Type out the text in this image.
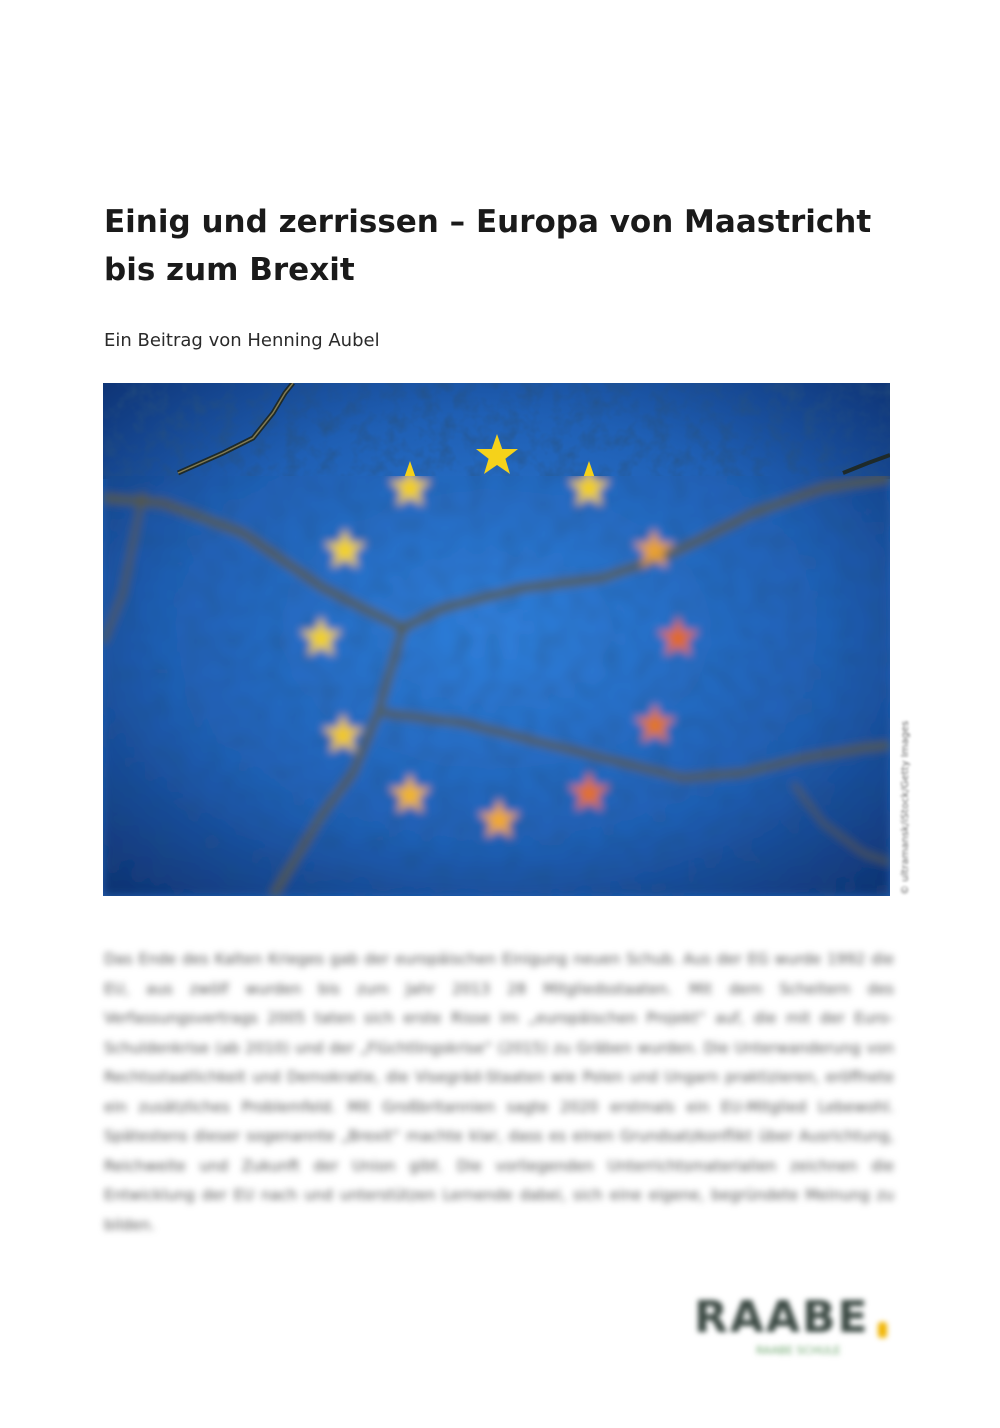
Einig und zerrissen – Europa von Maastricht bis zum Brexit
Ein Beitrag von Henning Aubel
© ultramansk/iStock/Getty Images

Das Ende des Kalten Krieges gab der europäischen Einigung neuen Schub. Aus der EG wurde 1992 die EU, aus zwölf wurden bis zum Jahr 2013 28 Mitgliedsstaaten. Mit dem Scheitern des Verfassungsvertrags 2005 taten sich erste Risse im „europäischen Projekt“ auf, die mit der Euro-Schuldenkrise (ab 2010) und der „Flüchtlingskrise“ (2015) zu Gräben wurden. Die Unterwanderung von Rechtsstaatlichkeit und Demokratie, die Visegrád-Staaten wie Polen und Ungarn praktizieren, eröffnete ein zusätzliches Problemfeld. Mit Großbritannien sagte 2020 erstmals ein EU-Mitglied Lebewohl. Spätestens dieser sogenannte „Brexit“ machte klar, dass es einen Grundsatzkonflikt über Ausrichtung, Reichweite und Zukunft der Union gibt. Die vorliegenden Unterrichtsmaterialien zeichnen die Entwicklung der EU nach und unterstützen Lernende dabei, sich eine eigene, begründete Meinung zu bilden.

RAABE
RAABE SCHULE
